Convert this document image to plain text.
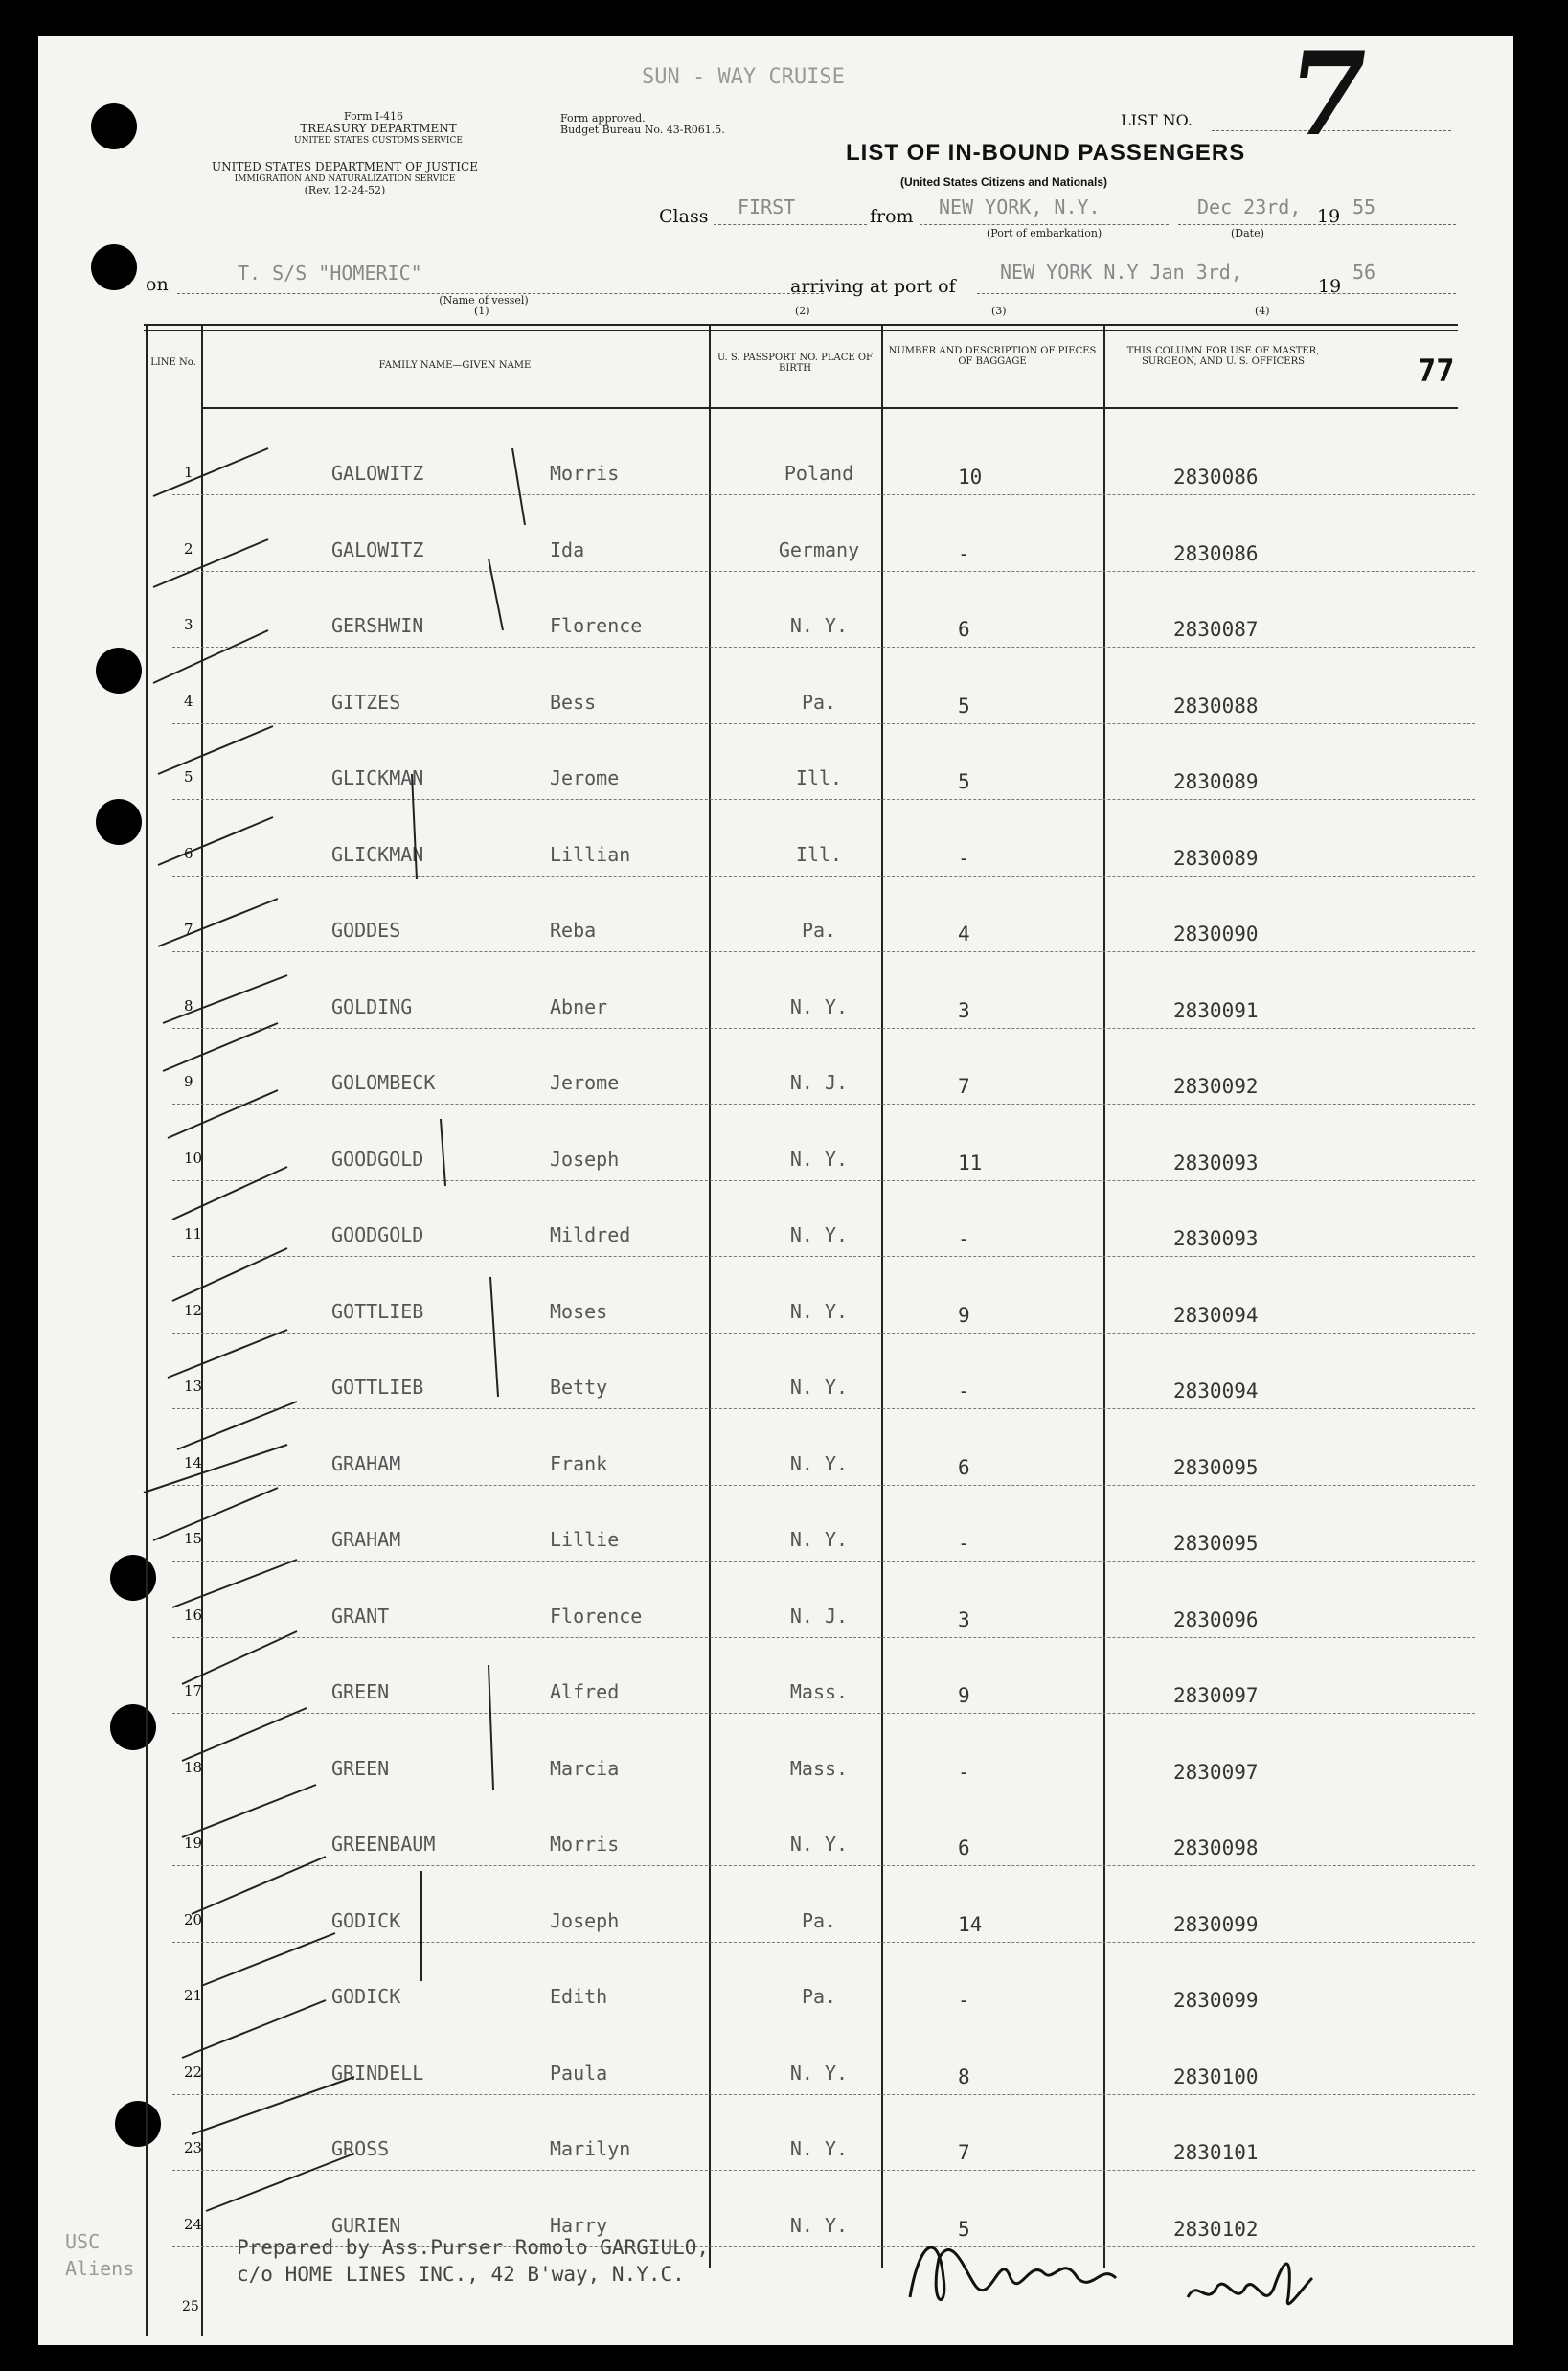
SUN - WAY CRUISE
Form I-416
TREASURY DEPARTMENT
UNITED STATES CUSTOMS SERVICE
UNITED STATES DEPARTMENT OF JUSTICE
IMMIGRATION AND NATURALIZATION SERVICE
(Rev. 12-24-52)
Form approved.
Budget Bureau No. 43-R061.5.
LIST NO. 7
LIST OF IN-BOUND PASSENGERS
(United States Citizens and Nationals)
Class FIRST	from NEW YORK, N.Y.	Dec 23rd, 19 55
(Port of embarkation)	(Date)
on	T. S/S "HOMERIC"
(Name of vessel)
(1)
arriving at port of
NEW YORK N.Y Jan 3rd,
19
56
(2)	(3)	(4)
77
LINE No.	FAMILY NAME—GIVEN NAME
U. S. PASSPORT NO. PLACE OF BIRTH
NUMBER AND DESCRIPTION OF PIECES OF BAGGAGE
THIS COLUMN FOR USE OF MASTER, SURGEON, AND U. S. OFFICERS
1	GALOWITZ	Morris	Poland	10	2830086
2	GALOWITZ	Ida	Germany	-	2830086
3	GERSHWIN	Florence	N. Y.	6	2830087
4	GITZES	Bess	Pa.	5	2830088
5	GLICKMAN	Jerome	Ill.	5	2830089
6	GLICKMAN	Lillian	Ill.	-	2830089
7	GODDES	Reba	Pa.	4	2830090
8	GOLDING	Abner	N. Y.	3	2830091
9	GOLOMBECK	Jerome	N. J.	7	2830092
10	GOODGOLD	Joseph	N. Y.	11	2830093
11	GOODGOLD	Mildred	N. Y.	-	2830093
12	GOTTLIEB	Moses	N. Y.	9	2830094
13	GOTTLIEB	Betty	N. Y.	-	2830094
14	GRAHAM	Frank	N. Y.	6	2830095
15	GRAHAM	Lillie	N. Y.	-	2830095
16	GRANT	Florence	N. J.	3	2830096
17	GREEN	Alfred	Mass.	9	2830097
18	GREEN	Marcia	Mass.	-	2830097
19	GREENBAUM	Morris	N. Y.	6	2830098
20	GODICK	Joseph	Pa.	14	2830099
21	GODICK	Edith	Pa.	-	2830099
22	GRINDELL	Paula	N. Y.	8	2830100
23	GROSS	Marilyn	N. Y.	7	2830101
24	GURIEN	Harry	N. Y.	5	2830102
Prepared by Ass.Purser Romolo GARGIULO,
c/o HOME LINES INC., 42 B'way, N.Y.C.
25
USC
Aliens
